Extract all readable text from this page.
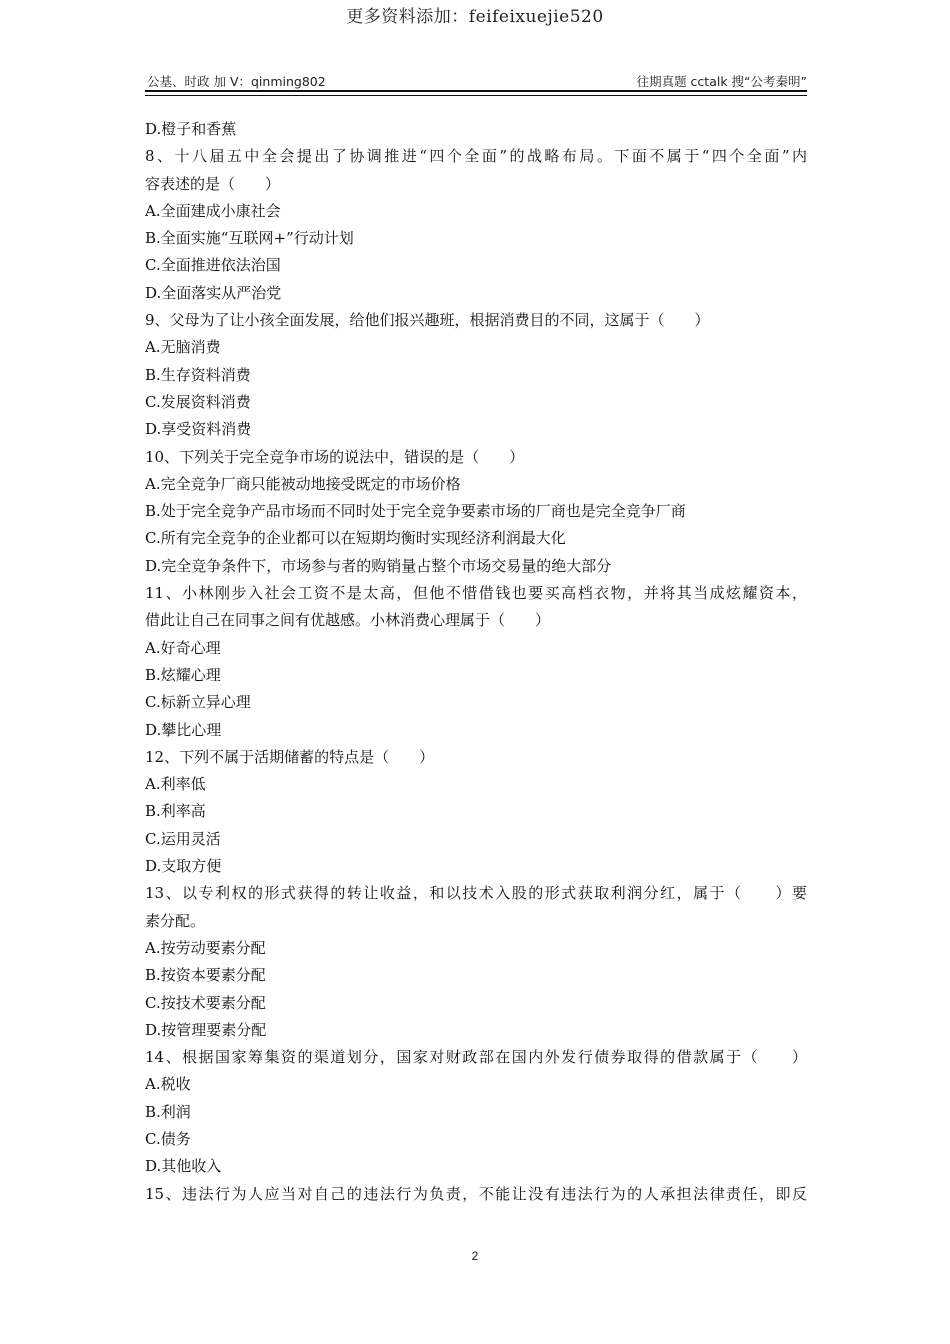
更多资料添加：feifeixuejie520
公基、时政 加 V：qinming802	往期真题 cctalk 搜“公考秦明”
D.橙子和香蕉
8、十八届五中全会提出了协调推进“四个全面”的战略布局。下面不属于“四个全面”内
容表述的是（　　）
A.全面建成小康社会
B.全面实施“互联网+”行动计划
C.全面推进依法治国
D.全面落实从严治党
9、父母为了让小孩全面发展，给他们报兴趣班，根据消费目的不同，这属于（　　）
A.无脑消费
B.生存资料消费
C.发展资料消费
D.享受资料消费
10、下列关于完全竞争市场的说法中，错误的是（　　）
A.完全竞争厂商只能被动地接受既定的市场价格
B.处于完全竞争产品市场而不同时处于完全竞争要素市场的厂商也是完全竞争厂商
C.所有完全竞争的企业都可以在短期均衡时实现经济利润最大化
D.完全竞争条件下，市场参与者的购销量占整个市场交易量的绝大部分
11、小林刚步入社会工资不是太高，但他不惜借钱也要买高档衣物，并将其当成炫耀资本，
借此让自己在同事之间有优越感。小林消费心理属于（　　）
A.好奇心理
B.炫耀心理
C.标新立异心理
D.攀比心理
12、下列不属于活期储蓄的特点是（　　）
A.利率低
B.利率高
C.运用灵活
D.支取方便
13、以专利权的形式获得的转让收益，和以技术入股的形式获取利润分红，属于（　　）要
素分配。
A.按劳动要素分配
B.按资本要素分配
C.按技术要素分配
D.按管理要素分配
14、根据国家筹集资的渠道划分，国家对财政部在国内外发行债券取得的借款属于（　　）
A.税收
B.利润
C.债务
D.其他收入
15、违法行为人应当对自己的违法行为负责，不能让没有违法行为的人承担法律责任，即反
2
